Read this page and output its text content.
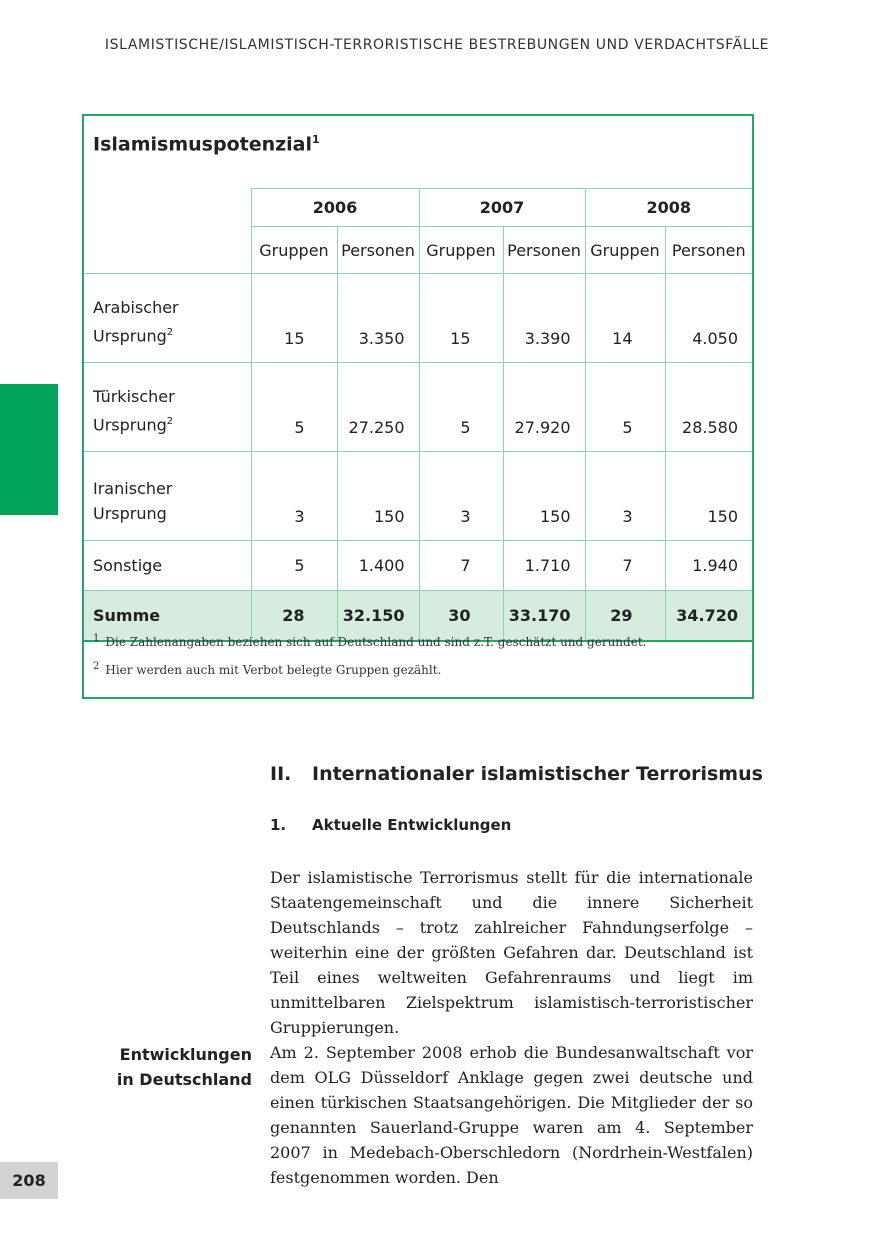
ISLAMISTISCHE/ISLAMISTISCH-TERRORISTISCHE BESTREBUNGEN UND VERDACHTSFÄLLE
208
Islamismuspotenzial$^1$
	2006		2007		2008	
	Gruppen	Personen	Gruppen	Personen	Gruppen	Personen
Arabischer
Ursprung$^2$	15	3.350	15	3.390	14	4.050
Türkischer
Ursprung$^2$	5	27.250	5	27.920	5	28.580
Iranischer
Ursprung	3	150	3	150	3	150
Sonstige	5	1.400	7	1.710	7	1.940
Summe	28	32.150	30	33.170	29	34.720
$^1$ Die Zahlenangaben beziehen sich auf Deutschland und sind z.T. geschätzt und gerundet.
$^2$ Hier werden auch mit Verbot belegte Gruppen gezählt.
II. Internationaler islamistischer Terrorismus
1. Aktuelle Entwicklungen

Der islamistische Terrorismus stellt für die internationale Staatengemeinschaft und die innere Sicherheit Deutschlands – trotz zahlreicher Fahndungserfolge – weiterhin eine der größten Gefahren dar. Deutschland ist Teil eines weltweiten Gefahrenraums und liegt im unmittelbaren Zielspektrum islamistisch-terroristischer Gruppierungen.

Entwicklungen
in Deutschland

Am 2. September 2008 erhob die Bundesanwaltschaft vor dem OLG Düsseldorf Anklage gegen zwei deutsche und einen türkischen Staatsangehörigen. Die Mitglieder der so genannten Sauerland-Gruppe waren am 4. September 2007 in Medebach-Oberschledorn (Nordrhein-Westfalen) festgenommen worden. Den
